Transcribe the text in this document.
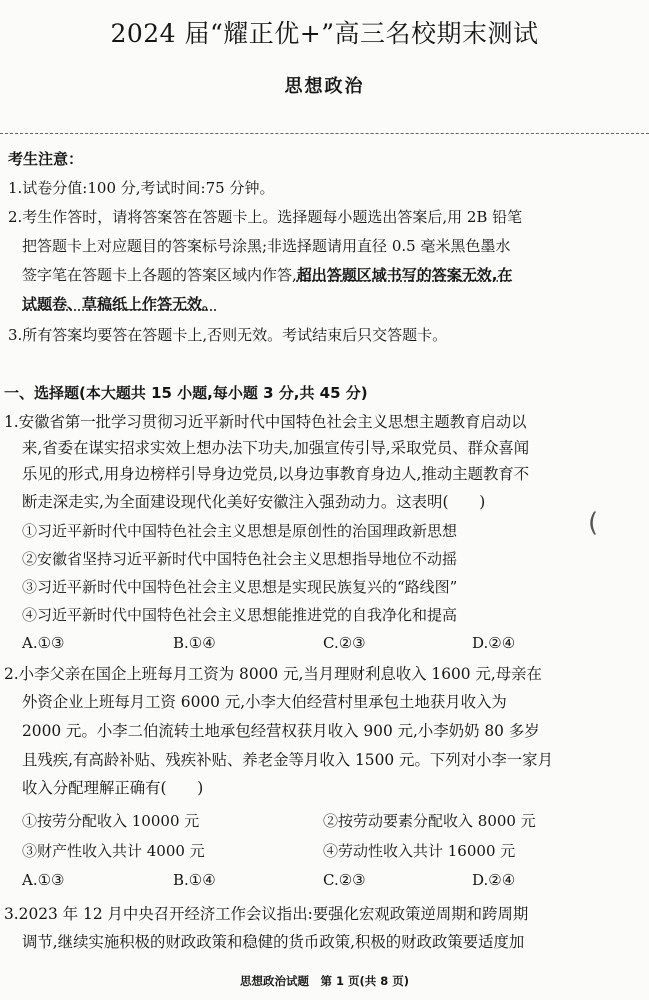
2024 届“耀正优+”高三名校期末测试
思想政治
考生注意：
1.试卷分值:100 分,考试时间:75 分钟。
2.考生作答时，请将答案答在答题卡上。选择题每小题选出答案后,用 2B 铅笔
把答题卡上对应题目的答案标号涂黑;非选择题请用直径 0.5 毫米黑色墨水
签字笔在答题卡上各题的答案区域内作答,超出答题区域书写的答案无效,在
试题卷、草稿纸上作答无效。
3.所有答案均要答在答题卡上,否则无效。考试结束后只交答题卡。
一、选择题(本大题共 15 小题,每小题 3 分,共 45 分)
1.安徽省第一批学习贯彻习近平新时代中国特色社会主义思想主题教育启动以
来,省委在谋实招求实效上想办法下功夫,加强宣传引导,采取党员、群众喜闻
乐见的形式,用身边榜样引导身边党员,以身边事教育身边人,推动主题教育不
断走深走实,为全面建设现代化美好安徽注入强劲动力。这表明(　　)
①习近平新时代中国特色社会主义思想是原创性的治国理政新思想
②安徽省坚持习近平新时代中国特色社会主义思想指导地位不动摇
③习近平新时代中国特色社会主义思想是实现民族复兴的“路线图”
④习近平新时代中国特色社会主义思想能推进党的自我净化和提高
A.①③	B.①④	C.②③	D.②④
2.小李父亲在国企上班每月工资为 8000 元,当月理财利息收入 1600 元,母亲在
外资企业上班每月工资 6000 元,小李大伯经营村里承包土地获月收入为
2000 元。小李二伯流转土地承包经营权获月收入 900 元,小李奶奶 80 多岁
且残疾,有高龄补贴、残疾补贴、养老金等月收入 1500 元。下列对小李一家月
收入分配理解正确有(　　)
①按劳分配收入 10000 元	②按劳动要素分配收入 8000 元
③财产性收入共计 4000 元	④劳动性收入共计 16000 元
A.①③	B.①④	C.②③	D.②④
3.2023 年 12 月中央召开经济工作会议指出:要强化宏观政策逆周期和跨周期
调节,继续实施积极的财政政策和稳健的货币政策,积极的财政政策要适度加
(
思想政治试题　第 1 页(共 8 页)
